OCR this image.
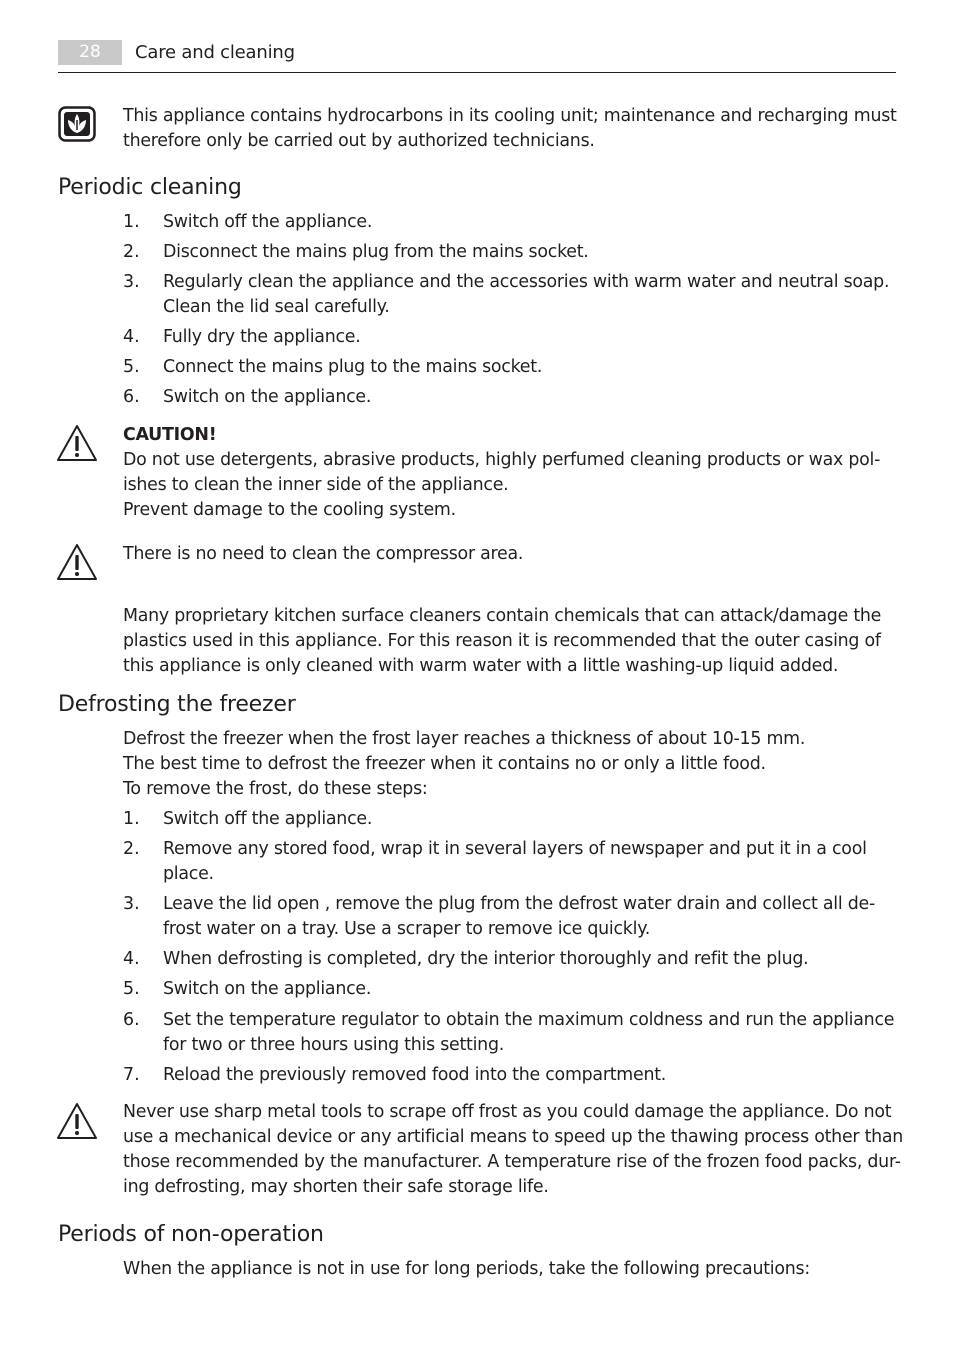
28	Care and cleaning
This appliance contains hydrocarbons in its cooling unit; maintenance and recharging must
therefore only be carried out by authorized technicians.
Periodic cleaning
1. Switch off the appliance.
2. Disconnect the mains plug from the mains socket.
3. Regularly clean the appliance and the accessories with warm water and neutral soap.
Clean the lid seal carefully.
4. Fully dry the appliance.
5. Connect the mains plug to the mains socket.
6. Switch on the appliance.
CAUTION!
Do not use detergents, abrasive products, highly perfumed cleaning products or wax pol-
ishes to clean the inner side of the appliance.
Prevent damage to the cooling system.
There is no need to clean the compressor area.
Many proprietary kitchen surface cleaners contain chemicals that can attack/damage the
plastics used in this appliance. For this reason it is recommended that the outer casing of
this appliance is only cleaned with warm water with a little washing-up liquid added.
Defrosting the freezer
Defrost the freezer when the frost layer reaches a thickness of about 10-15 mm.
The best time to defrost the freezer when it contains no or only a little food.
To remove the frost, do these steps:
1. Switch off the appliance.
2. Remove any stored food, wrap it in several layers of newspaper and put it in a cool
place.
3. Leave the lid open , remove the plug from the defrost water drain and collect all de-
frost water on a tray. Use a scraper to remove ice quickly.
4. When defrosting is completed, dry the interior thoroughly and refit the plug.
5. Switch on the appliance.
6. Set the temperature regulator to obtain the maximum coldness and run the appliance
for two or three hours using this setting.
7. Reload the previously removed food into the compartment.
Never use sharp metal tools to scrape off frost as you could damage the appliance. Do not
use a mechanical device or any artificial means to speed up the thawing process other than
those recommended by the manufacturer. A temperature rise of the frozen food packs, dur-
ing defrosting, may shorten their safe storage life.
Periods of non-operation
When the appliance is not in use for long periods, take the following precautions:
